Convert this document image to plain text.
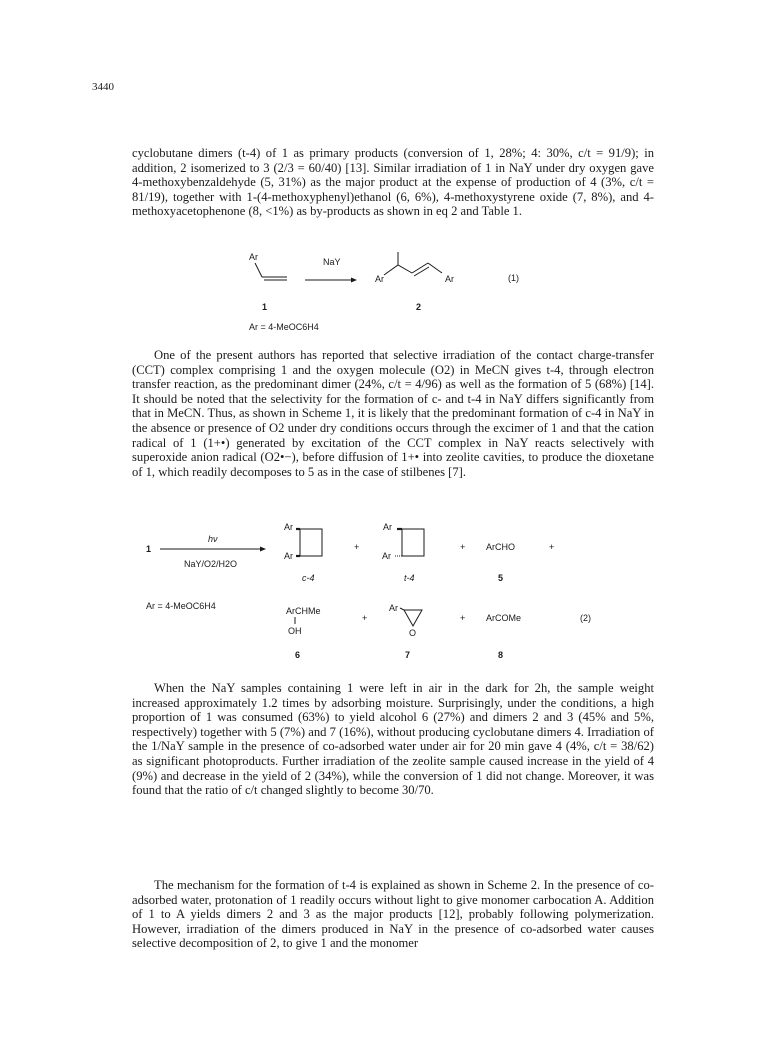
3440

cyclobutane dimers (t-4) of 1 as primary products (conversion of 1, 28%; 4: 30%, c/t = 91/9); in addition, 2 isomerized to 3 (2/3 = 60/40) [13]. Similar irradiation of 1 in NaY under dry oxygen gave 4-methoxybenzaldehyde (5, 31%) as the major product at the expense of production of 4 (3%, c/t = 81/19), together with 1-(4-methoxyphenyl)ethanol (6, 6%), 4-methoxystyrene oxide (7, 8%), and 4-methoxyacetophenone (8, <1%) as by-products as shown in eq 2 and Table 1.

Ar	NaY
Ar	Ar	(1)
1	2
Ar = 4-MeOC6H4

One of the present authors has reported that selective irradiation of the contact charge-transfer (CCT) complex comprising 1 and the oxygen molecule (O2) in MeCN gives t-4, through electron transfer reaction, as the predominant dimer (24%, c/t = 4/96) as well as the formation of 5 (68%) [14]. It should be noted that the selectivity for the formation of c- and t-4 in NaY differs significantly from that in MeCN. Thus, as shown in Scheme 1, it is likely that the predominant formation of c-4 in NaY in the absence or presence of O2 under dry conditions occurs through the excimer of 1 and that the cation radical of 1 (1+•) generated by excitation of the CCT complex in NaY reacts selectively with superoxide anion radical (O2•−), before diffusion of 1+• into zeolite cavities, to produce the dioxetane of 1, which readily decomposes to 5 as in the case of stilbenes [7].

1
hν
NaY/O2/H2O
Ar
Ar
+
Ar
Ar
+ ArCHO	+
c-4	t-4	5
Ar = 4-MeOC6H4	ArCHMe
OH
+
Ar
O
+ ArCOMe	(2)
6	7	8

When the NaY samples containing 1 were left in air in the dark for 2h, the sample weight increased approximately 1.2 times by adsorbing moisture. Surprisingly, under the conditions, a high proportion of 1 was consumed (63%) to yield alcohol 6 (27%) and dimers 2 and 3 (45% and 5%, respectively) together with 5 (7%) and 7 (16%), without producing cyclobutane dimers 4. Irradiation of the 1/NaY sample in the presence of co-adsorbed water under air for 20 min gave 4 (4%, c/t = 38/62) as significant photoproducts. Further irradiation of the zeolite sample caused increase in the yield of 4 (9%) and decrease in the yield of 2 (34%), while the conversion of 1 did not change. Moreover, it was found that the ratio of c/t changed slightly to become 30/70.

The mechanism for the formation of t-4 is explained as shown in Scheme 2. In the presence of co-adsorbed water, protonation of 1 readily occurs without light to give monomer carbocation A. Addition of 1 to A yields dimers 2 and 3 as the major products [12], probably following polymerization. However, irradiation of the dimers produced in NaY in the presence of co-adsorbed water causes selective decomposition of 2, to give 1 and the monomer
